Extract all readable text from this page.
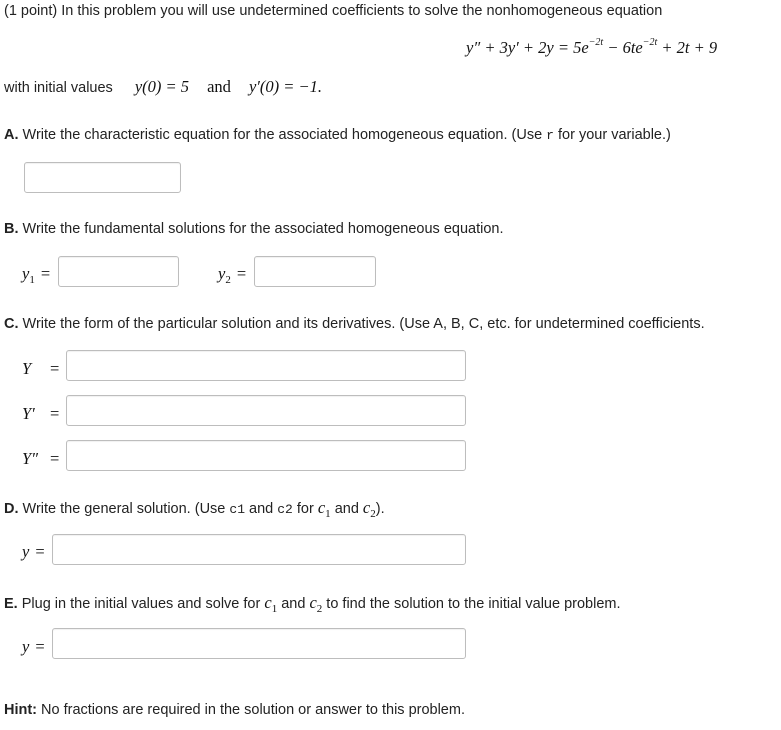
(1 point) In this problem you will use undetermined coefficients to solve the nonhomogeneous equation
$y'' + 3y' + 2y = 5e^{-2t} - 6te^{-2t} + 2t + 9$
with initial values y(0) = 5 and y′(0) = −1.
A. Write the characteristic equation for the associated homogeneous equation. (Use r for your variable.)
B. Write the fundamental solutions for the associated homogeneous equation.
$y_1$ =	$y_2$ =
C. Write the form of the particular solution and its derivatives. (Use A, B, C, etc. for undetermined coefficients.
Y =
Y′ =
Y″ =
D. Write the general solution. (Use c1 and c2 for $c_1$ and $c_2$).
y =
E. Plug in the initial values and solve for $c_1$ and $c_2$ to find the solution to the initial value problem.
y =
Hint: No fractions are required in the solution or answer to this problem.
